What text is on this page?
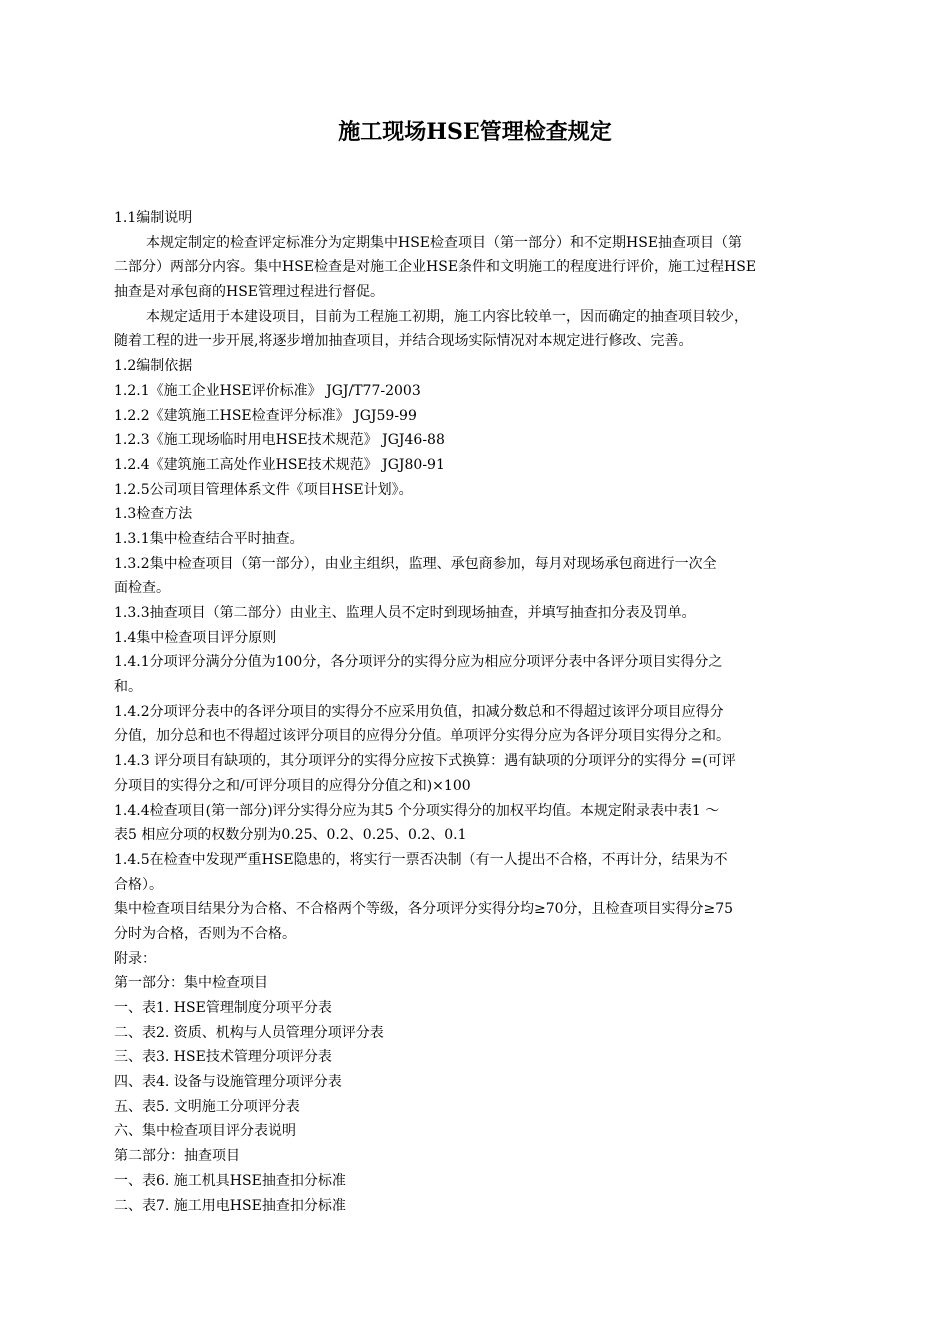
施工现场HSE管理检查规定
1.1编制说明
本规定制定的检查评定标准分为定期集中HSE检查项目（第一部分）和不定期HSE抽查项目（第
二部分）两部分内容。集中HSE检查是对施工企业HSE条件和文明施工的程度进行评价，施工过程HSE
抽查是对承包商的HSE管理过程进行督促。
本规定适用于本建设项目，目前为工程施工初期，施工内容比较单一，因而确定的抽查项目较少，
随着工程的进一步开展,将逐步增加抽查项目，并结合现场实际情况对本规定进行修改、完善。
1.2编制依据
1.2.1《施工企业HSE评价标准》 JGJ/T77-2003
1.2.2《建筑施工HSE检查评分标准》 JGJ59-99
1.2.3《施工现场临时用电HSE技术规范》 JGJ46-88
1.2.4《建筑施工高处作业HSE技术规范》 JGJ80-91
1.2.5公司项目管理体系文件《项目HSE计划》。
1.3检查方法
1.3.1集中检查结合平时抽查。
1.3.2集中检查项目（第一部分），由业主组织，监理、承包商参加，每月对现场承包商进行一次全
面检查。
1.3.3抽查项目（第二部分）由业主、监理人员不定时到现场抽查，并填写抽查扣分表及罚单。
1.4集中检查项目评分原则
1.4.1分项评分满分分值为100分，各分项评分的实得分应为相应分项评分表中各评分项目实得分之
和。
1.4.2分项评分表中的各评分项目的实得分不应采用负值，扣减分数总和不得超过该评分项目应得分
分值，加分总和也不得超过该评分项目的应得分分值。单项评分实得分应为各评分项目实得分之和。
1.4.3 评分项目有缺项的，其分项评分的实得分应按下式换算：遇有缺项的分项评分的实得分 =(可评
分项目的实得分之和/可评分项目的应得分分值之和)×100
1.4.4检查项目(第一部分)评分实得分应为其5 个分项实得分的加权平均值。本规定附录表中表1 ～
表5 相应分项的权数分别为0.25、0.2、0.25、0.2、0.1
1.4.5在检查中发现严重HSE隐患的，将实行一票否决制（有一人提出不合格，不再计分，结果为不
合格）。
集中检查项目结果分为合格、不合格两个等级，各分项评分实得分均≥70分，且检查项目实得分≥75
分时为合格，否则为不合格。
附录：
第一部分：集中检查项目
一、表1. HSE管理制度分项平分表
二、表2. 资质、机构与人员管理分项评分表
三、表3. HSE技术管理分项评分表
四、表4. 设备与设施管理分项评分表
五、表5. 文明施工分项评分表
六、集中检查项目评分表说明
第二部分：抽查项目
一、表6. 施工机具HSE抽查扣分标准
二、表7. 施工用电HSE抽查扣分标准
